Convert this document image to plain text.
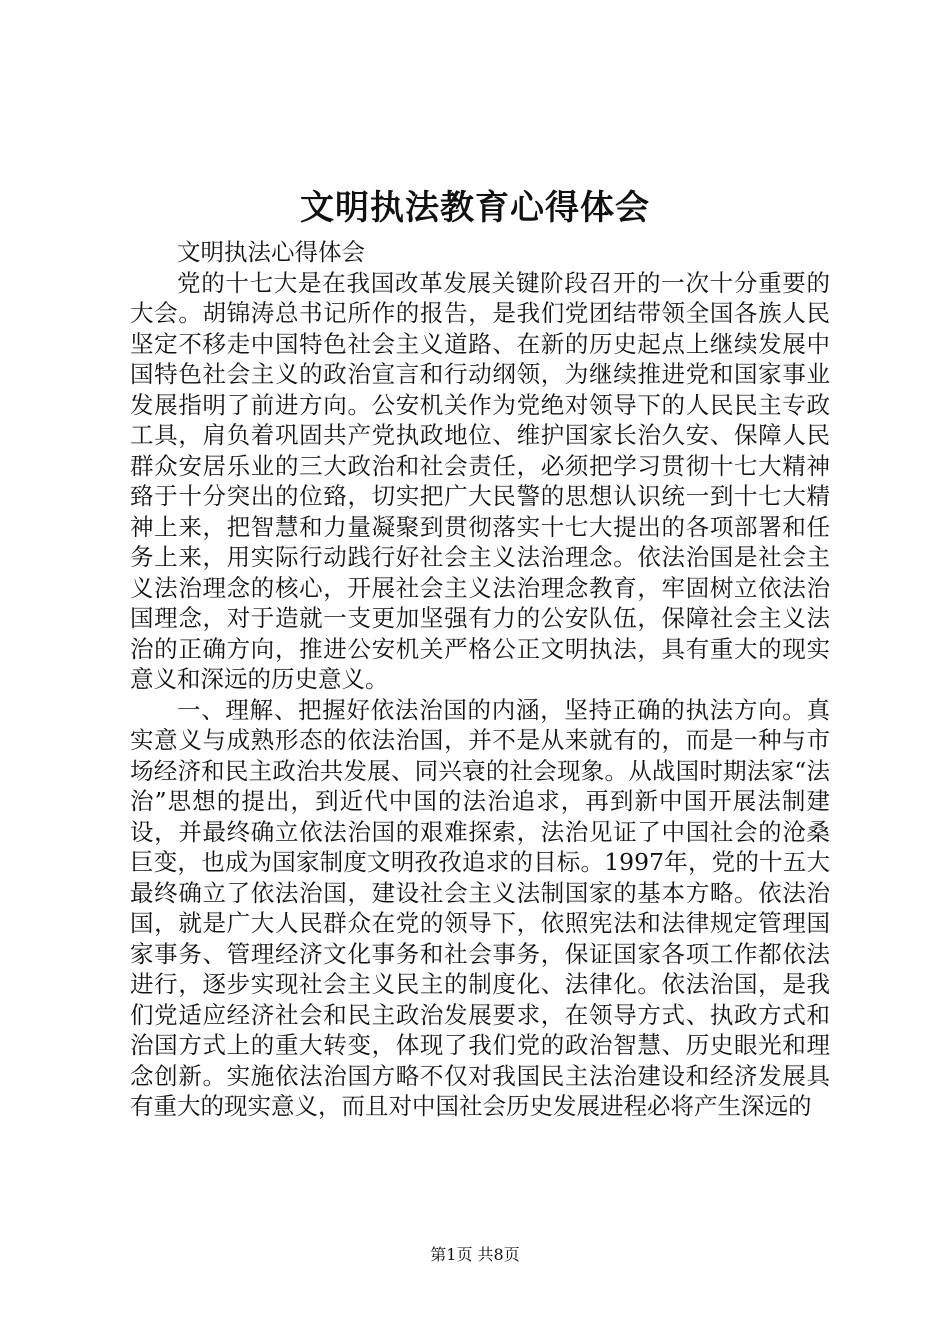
文明执法教育心得体会

文明执法心得体会

党的十七大是在我国改革发展关键阶段召开的一次十分重要的大会。胡锦涛总书记所作的报告，是我们党团结带领全国各族人民坚定不移走中国特色社会主义道路、在新的历史起点上继续发展中国特色社会主义的政治宣言和行动纲领，为继续推进党和国家事业发展指明了前进方向。公安机关作为党绝对领导下的人民民主专政工具，肩负着巩固共产党执政地位、维护国家长治久安、保障人民群众安居乐业的三大政治和社会责任，必须把学习贯彻十七大精神臵于十分突出的位臵，切实把广大民警的思想认识统一到十七大精神上来，把智慧和力量凝聚到贯彻落实十七大提出的各项部署和任务上来，用实际行动践行好社会主义法治理念。依法治国是社会主义法治理念的核心，开展社会主义法治理念教育，牢固树立依法治国理念，对于造就一支更加坚强有力的公安队伍，保障社会主义法治的正确方向，推进公安机关严格公正文明执法，具有重大的现实意义和深远的历史意义。

一、理解、把握好依法治国的内涵，坚持正确的执法方向。真实意义与成熟形态的依法治国，并不是从来就有的，而是一种与市场经济和民主政治共发展、同兴衰的社会现象。从战国时期法家“法治”思想的提出，到近代中国的法治追求，再到新中国开展法制建设，并最终确立依法治国的艰难探索，法治见证了中国社会的沧桑巨变，也成为国家制度文明孜孜追求的目标。1997年，党的十五大最终确立了依法治国，建设社会主义法制国家的基本方略。依法治国，就是广大人民群众在党的领导下，依照宪法和法律规定管理国家事务、管理经济文化事务和社会事务，保证国家各项工作都依法进行，逐步实现社会主义民主的制度化、法律化。依法治国，是我们党适应经济社会和民主政治发展要求，在领导方式、执政方式和治国方式上的重大转变，体现了我们党的政治智慧、历史眼光和理念创新。实施依法治国方略不仅对我国民主法治建设和经济发展具有重大的现实意义，而且对中国社会历史发展进程必将产生深远的

第1页 共8页
